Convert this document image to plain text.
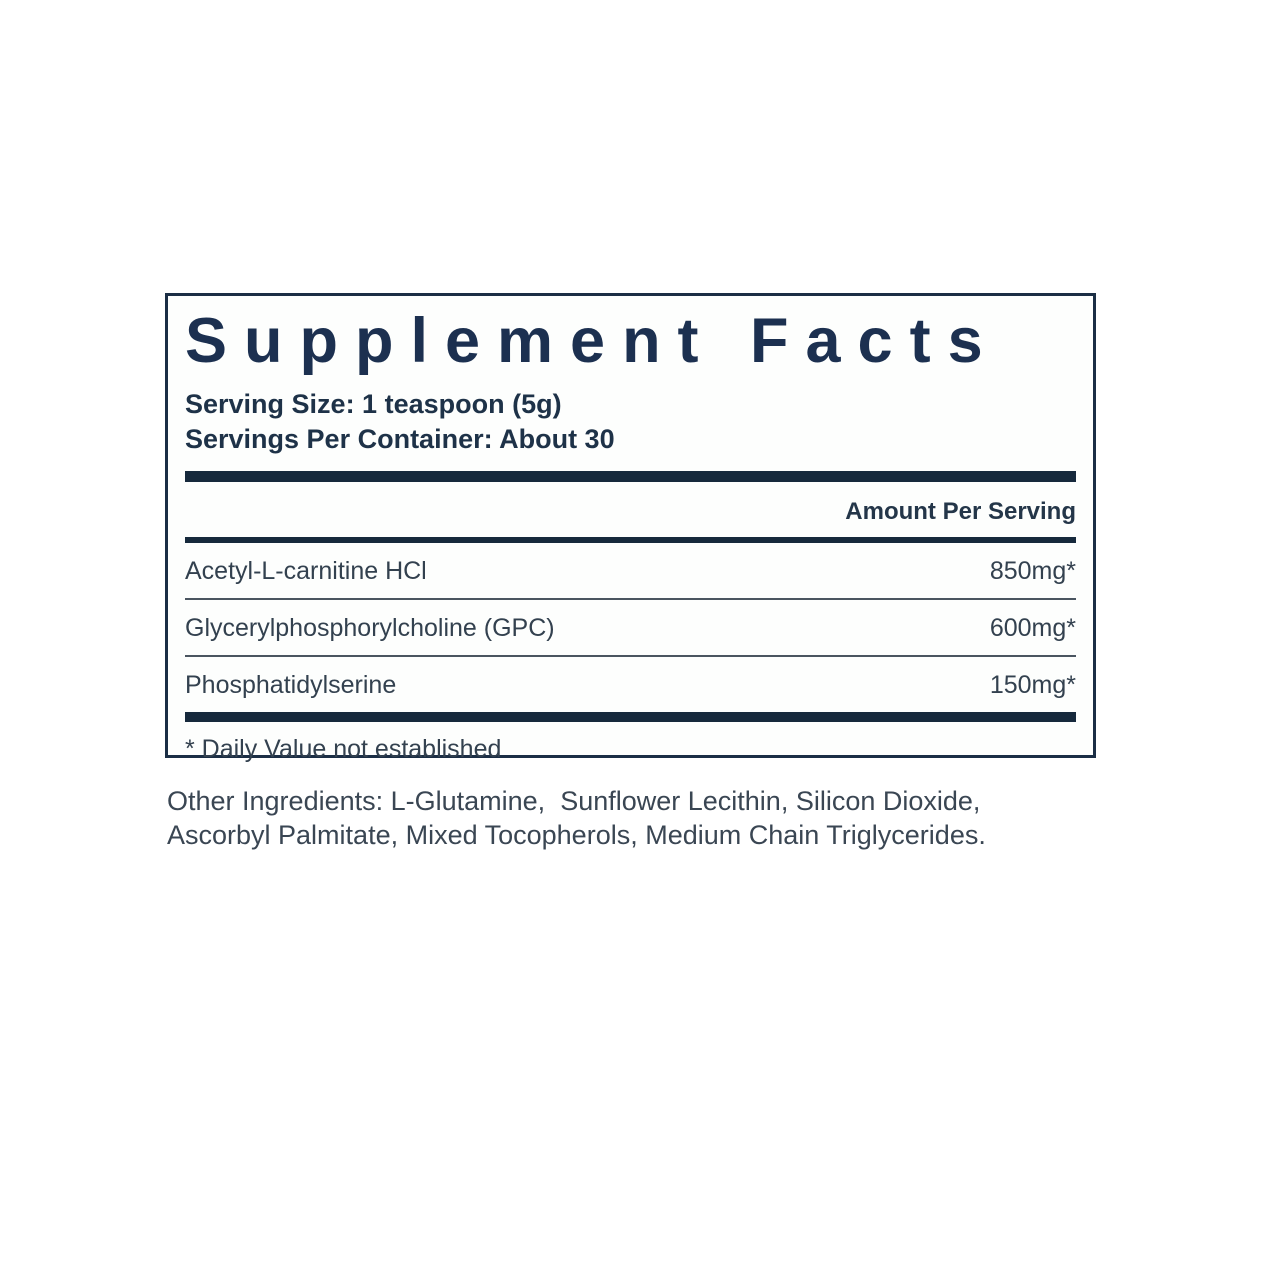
Supplement Facts
Serving Size: 1 teaspoon (5g)
Servings Per Container: About 30
Amount Per Serving
Acetyl-L-carnitine HCl	850mg*
Glycerylphosphorylcholine (GPC)	600mg*
Phosphatidylserine	150mg*
* Daily Value not established
Other Ingredients: L-Glutamine,  Sunflower Lecithin, Silicon Dioxide, Ascorbyl Palmitate, Mixed Tocopherols, Medium Chain Triglycerides.
